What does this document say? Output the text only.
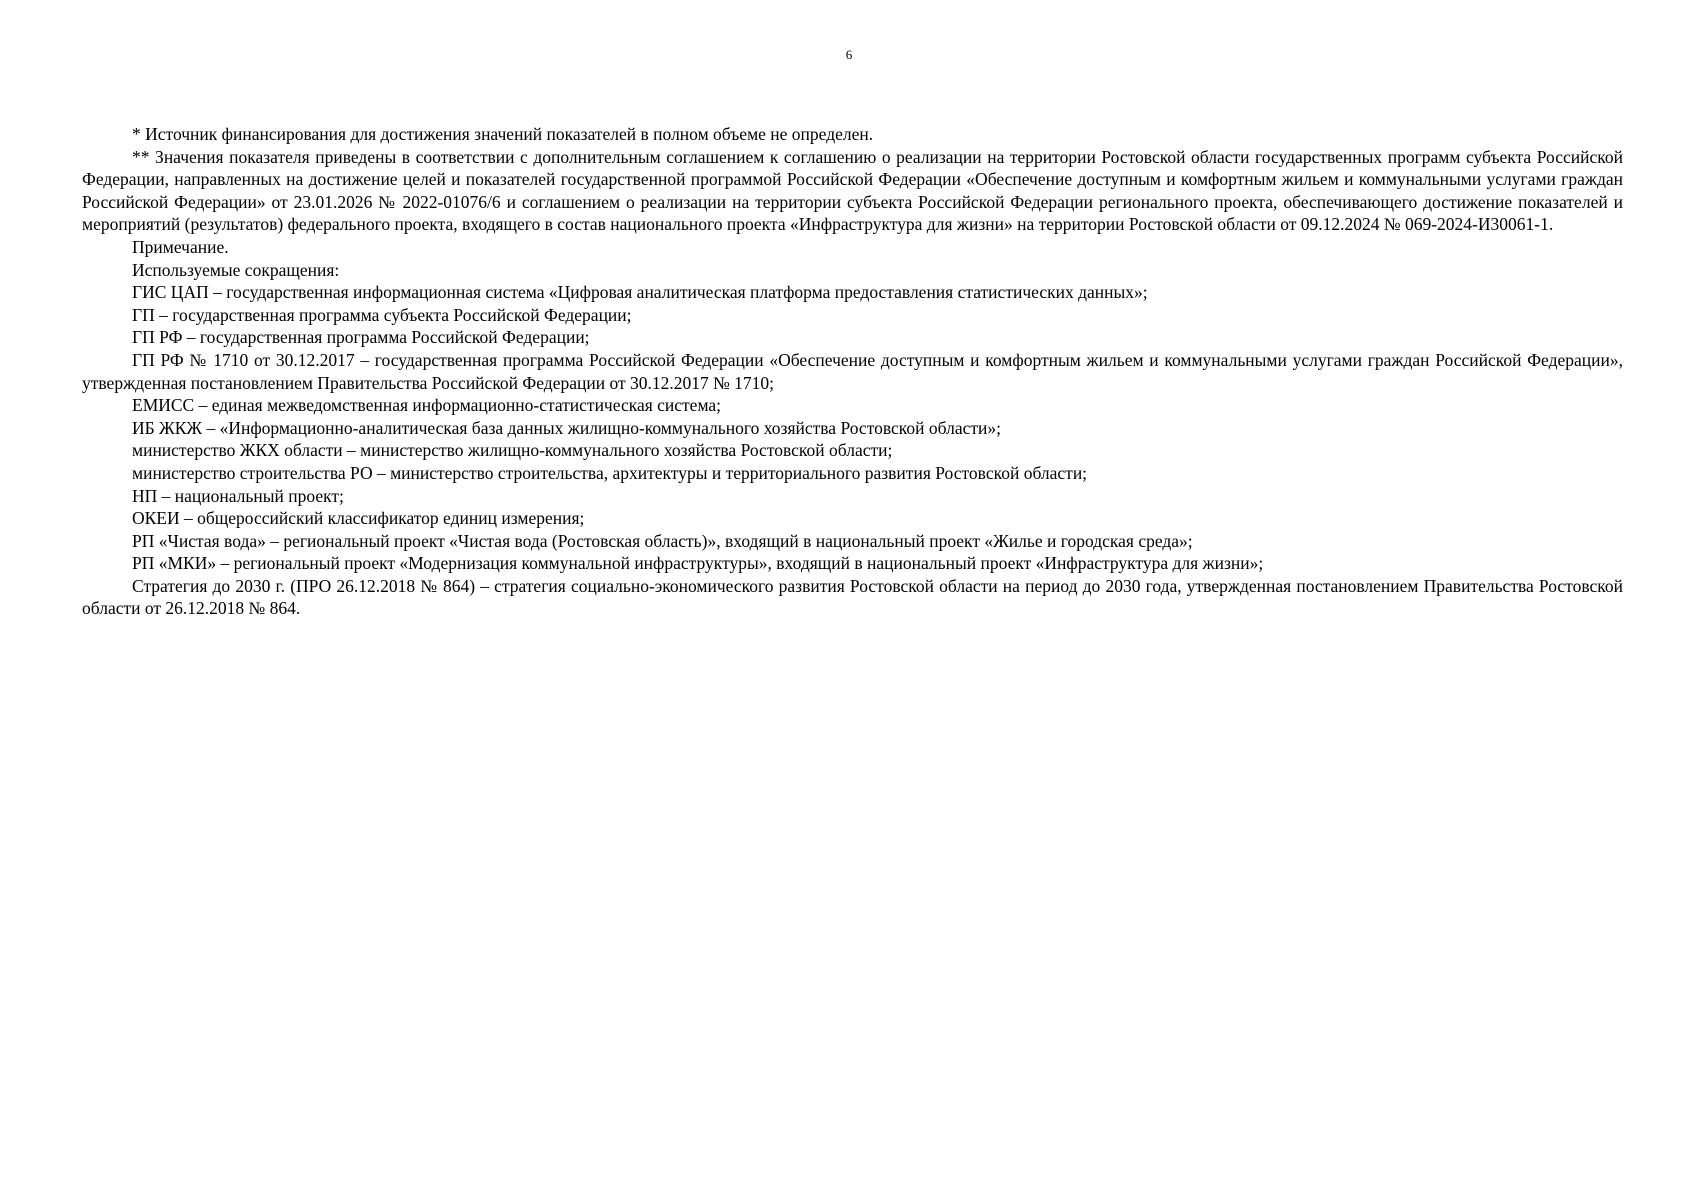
6

* Источник финансирования для достижения значений показателей в полном объеме не определен.

** Значения показателя приведены в соответствии с дополнительным соглашением к соглашению о реализации на территории Ростовской области государственных программ субъекта Российской Федерации, направленных на достижение целей и показателей государственной программой Российской Федерации «Обеспечение доступным и комфортным жильем и коммунальными услугами граждан Российской Федерации» от 23.01.2026 № 2022-01076/6 и соглашением о реализации на территории субъекта Российской Федерации регионального проекта, обеспечивающего достижение показателей и мероприятий (результатов) федерального проекта, входящего в состав национального проекта «Инфраструктура для жизни» на территории Ростовской области от 09.12.2024 № 069-2024-И30061-1.

Примечание.

Используемые сокращения:

ГИС ЦАП – государственная информационная система «Цифровая аналитическая платформа предоставления статистических данных»;

ГП – государственная программа субъекта Российской Федерации;

ГП РФ – государственная программа Российской Федерации;

ГП РФ № 1710 от 30.12.2017 – государственная программа Российской Федерации «Обеспечение доступным и комфортным жильем и коммунальными услугами граждан Российской Федерации», утвержденная постановлением Правительства Российской Федерации от 30.12.2017 № 1710;

ЕМИСС – единая межведомственная информационно-статистическая система;

ИБ ЖКЖ – «Информационно-аналитическая база данных жилищно-коммунального хозяйства Ростовской области»;

министерство ЖКХ области – министерство жилищно-коммунального хозяйства Ростовской области;

министерство строительства РО – министерство строительства, архитектуры и территориального развития Ростовской области;

НП – национальный проект;

ОКЕИ – общероссийский классификатор единиц измерения;

РП «Чистая вода» – региональный проект «Чистая вода (Ростовская область)», входящий в национальный проект «Жилье и городская среда»;

РП «МКИ» – региональный проект «Модернизация коммунальной инфраструктуры», входящий в национальный проект «Инфраструктура для жизни»;

Стратегия до 2030 г. (ПРО 26.12.2018 № 864) – стратегия социально-экономического развития Ростовской области на период до 2030 года, утвержденная постановлением Правительства Ростовской области от 26.12.2018 № 864.
